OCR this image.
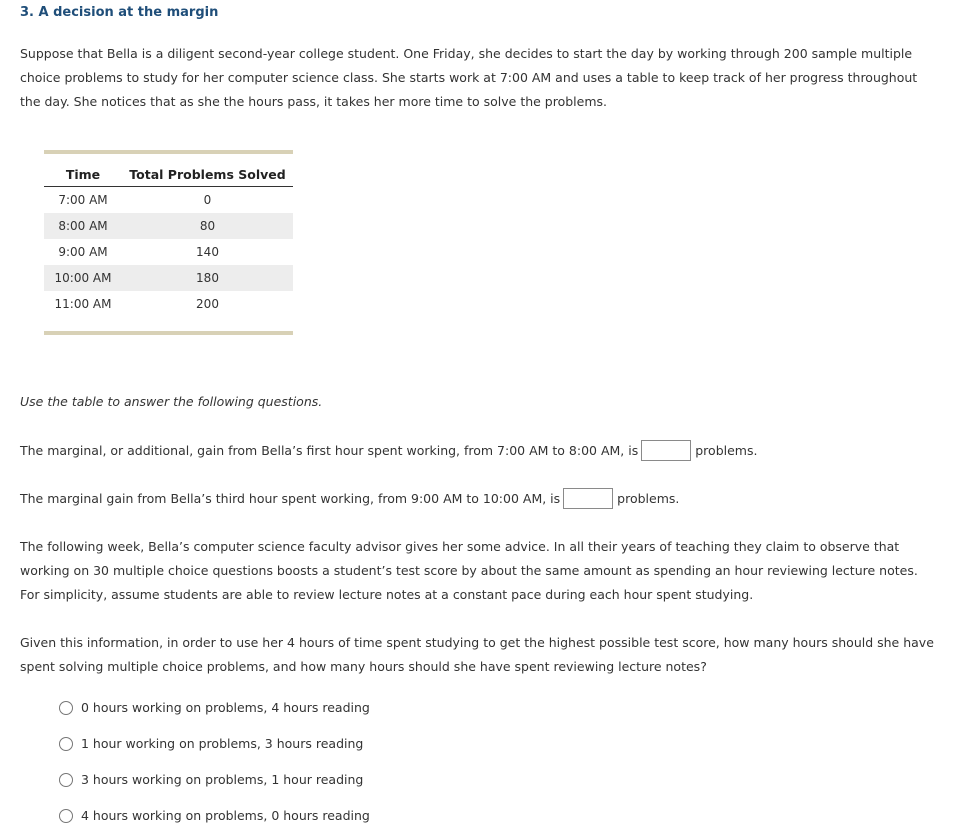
3. A decision at the margin
Suppose that Bella is a diligent second-year college student. One Friday, she decides to start the day by working through 200 sample multiple choice problems to study for her computer science class. She starts work at 7:00 AM and uses a table to keep track of her progress throughout the day. She notices that as she the hours pass, it takes her more time to solve the problems.
Time	Total Problems Solved
7:00 AM	0
8:00 AM	80
9:00 AM	140
10:00 AM	180
11:00 AM	200
Use the table to answer the following questions.
The marginal, or additional, gain from Bella’s first hour spent working, from 7:00 AM to 8:00 AM, is	problems.
The marginal gain from Bella’s third hour spent working, from 9:00 AM to 10:00 AM, is	problems.
The following week, Bella’s computer science faculty advisor gives her some advice. In all their years of teaching they claim to observe that working on 30 multiple choice questions boosts a student’s test score by about the same amount as spending an hour reviewing lecture notes. For simplicity, assume students are able to review lecture notes at a constant pace during each hour spent studying.
Given this information, in order to use her 4 hours of time spent studying to get the highest possible test score, how many hours should she have spent solving multiple choice problems, and how many hours should she have spent reviewing lecture notes?
0 hours working on problems, 4 hours reading
1 hour working on problems, 3 hours reading
3 hours working on problems, 1 hour reading
4 hours working on problems, 0 hours reading
